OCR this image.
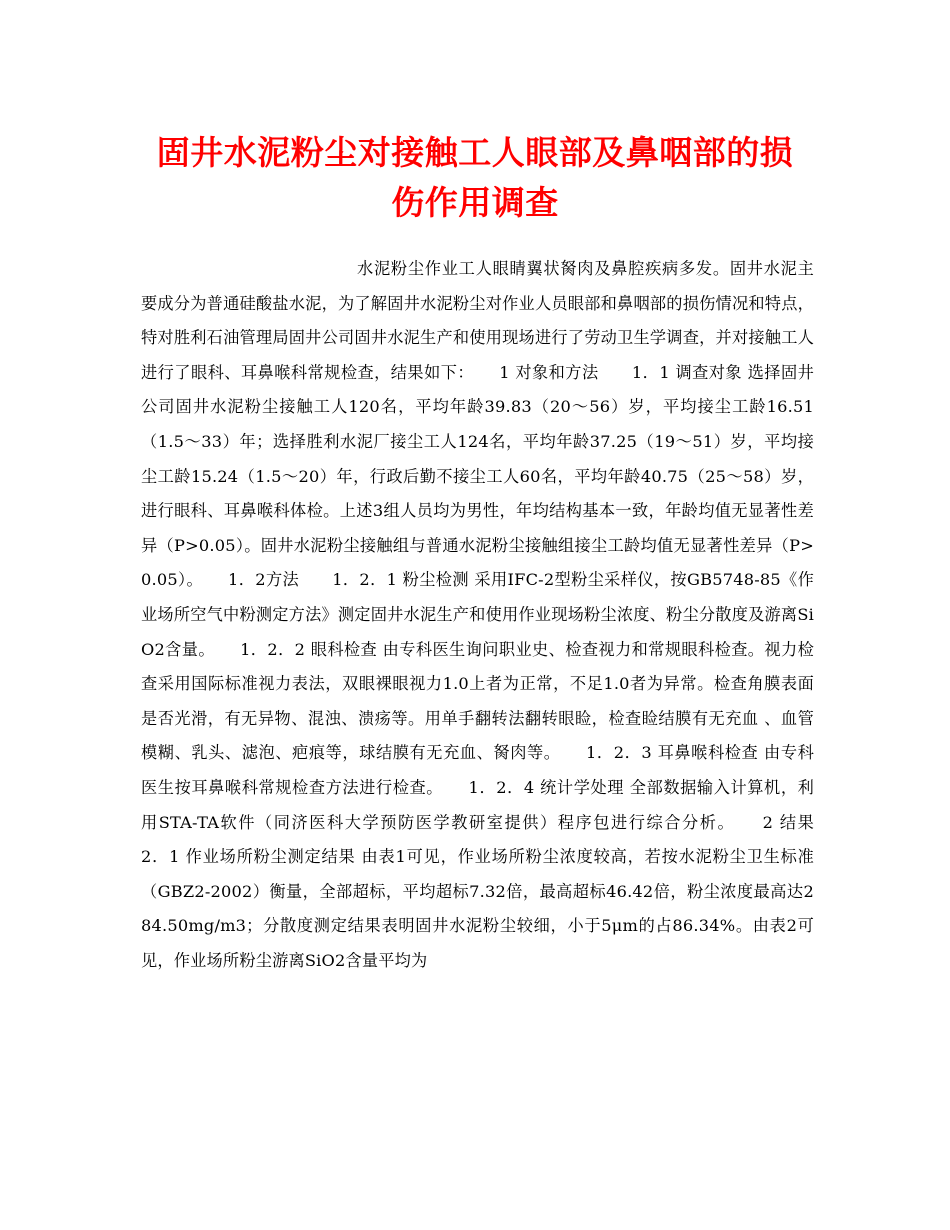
固井水泥粉尘对接触工人眼部及鼻咽部的损
伤作用调查

水泥粉尘作业工人眼睛翼状胬肉及鼻腔疾病多发。固井水泥主要成分为普通硅酸盐水泥，为了解固井水泥粉尘对作业人员眼部和鼻咽部的损伤情况和特点，特对胜利石油管理局固井公司固井水泥生产和使用现场进行了劳动卫生学调查，并对接触工人进行了眼科、耳鼻喉科常规检查，结果如下：　　1 对象和方法　　1．1 调查对象 选择固井公司固井水泥粉尘接触工人120名，平均年龄39.83（20～56）岁，平均接尘工龄16.51（1.5～33）年；选择胜利水泥厂接尘工人124名，平均年龄37.25（19～51）岁，平均接尘工龄15.24（1.5～20）年，行政后勤不接尘工人60名，平均年龄40.75（25～58）岁，进行眼科、耳鼻喉科体检。上述3组人员均为男性，年均结构基本一致，年龄均值无显著性差异（P>0.05）。固井水泥粉尘接触组与普通水泥粉尘接触组接尘工龄均值无显著性差异（P>0.05）。　　1．2方法　　1．2．1 粉尘检测 采用IFC-2型粉尘采样仪，按GB5748-85《作业场所空气中粉测定方法》测定固井水泥生产和使用作业现场粉尘浓度、粉尘分散度及游离SiO2含量。　　1．2．2 眼科检查 由专科医生询问职业史、检查视力和常规眼科检查。视力检查采用国际标准视力表法，双眼裸眼视力1.0上者为正常，不足1.0者为异常。检查角膜表面是否光滑，有无异物、混浊、溃疡等。用单手翻转法翻转眼睑，检查睑结膜有无充血 、血管模糊、乳头、滤泡、疤痕等，球结膜有无充血、胬肉等。　　1．2．3 耳鼻喉科检查 由专科医生按耳鼻喉科常规检查方法进行检查。　　1．2．4 统计学处理 全部数据输入计算机，利用STA-TA软件（同济医科大学预防医学教研室提供）程序包进行综合分析。　　2 结果　　2．1 作业场所粉尘测定结果 由表1可见，作业场所粉尘浓度较高，若按水泥粉尘卫生标准（GBZ2-2002）衡量，全部超标，平均超标7.32倍，最高超标46.42倍，粉尘浓度最高达284.50mg/m3；分散度测定结果表明固井水泥粉尘较细，小于5μm的占86.34%。由表2可见，作业场所粉尘游离SiO2含量平均为
